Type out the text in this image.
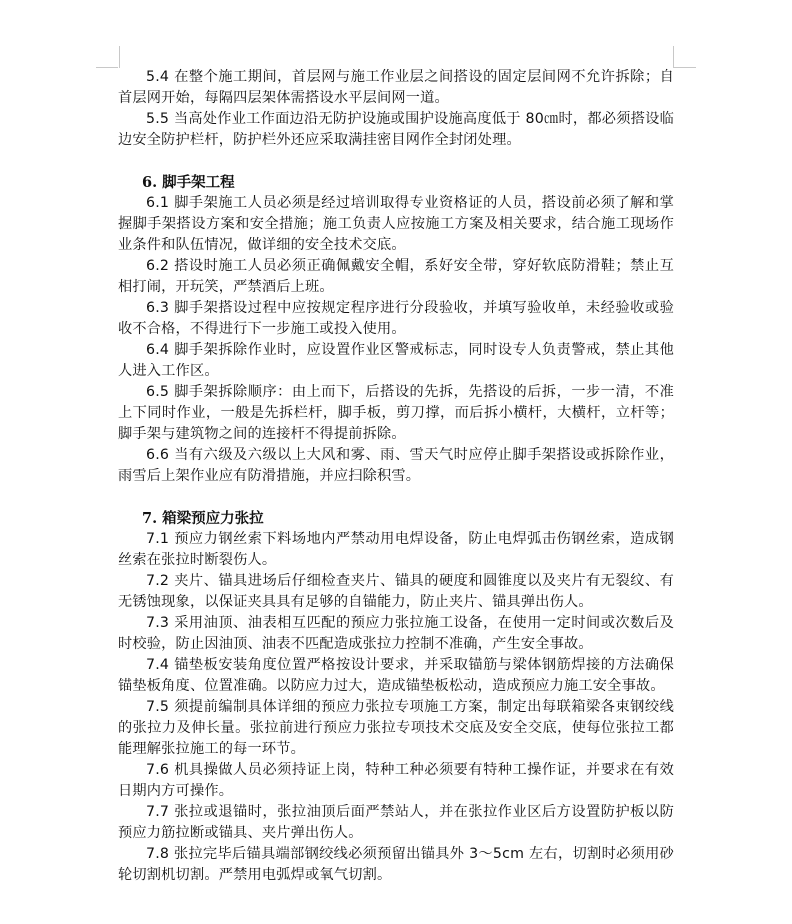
5.4 在整个施工期间，首层网与施工作业层之间搭设的固定层间网不允许拆除；自首层网开始，每隔四层架体需搭设水平层间网一道。

5.5 当高处作业工作面边沿无防护设施或围护设施高度低于 80㎝时，都必须搭设临边安全防护栏杆，防护栏外还应采取满挂密目网作全封闭处理。

6. 脚手架工程

6.1 脚手架施工人员必须是经过培训取得专业资格证的人员，搭设前必须了解和掌握脚手架搭设方案和安全措施；施工负责人应按施工方案及相关要求，结合施工现场作业条件和队伍情况，做详细的安全技术交底。

6.2 搭设时施工人员必须正确佩戴安全帽，系好安全带，穿好软底防滑鞋；禁止互相打闹，开玩笑，严禁酒后上班。

6.3 脚手架搭设过程中应按规定程序进行分段验收，并填写验收单，未经验收或验收不合格，不得进行下一步施工或投入使用。

6.4 脚手架拆除作业时，应设置作业区警戒标志，同时设专人负责警戒，禁止其他人进入工作区。

6.5 脚手架拆除顺序：由上而下，后搭设的先拆，先搭设的后拆，一步一清，不准上下同时作业，一般是先拆栏杆，脚手板，剪刀撑，而后拆小横杆，大横杆，立杆等；脚手架与建筑物之间的连接杆不得提前拆除。

6.6 当有六级及六级以上大风和雾、雨、雪天气时应停止脚手架搭设或拆除作业，雨雪后上架作业应有防滑措施，并应扫除积雪。

7. 箱梁预应力张拉

7.1 预应力钢丝索下料场地内严禁动用电焊设备，防止电焊弧击伤钢丝索，造成钢丝索在张拉时断裂伤人。

7.2 夹片、锚具进场后仔细检查夹片、锚具的硬度和圆锥度以及夹片有无裂纹、有无锈蚀现象，以保证夹具具有足够的自锚能力，防止夹片、锚具弹出伤人。

7.3 采用油顶、油表相互匹配的预应力张拉施工设备，在使用一定时间或次数后及时校验，防止因油顶、油表不匹配造成张拉力控制不准确，产生安全事故。

7.4 锚垫板安装角度位置严格按设计要求，并采取锚筋与梁体钢筋焊接的方法确保锚垫板角度、位置准确。以防应力过大，造成锚垫板松动，造成预应力施工安全事故。

7.5 须提前编制具体详细的预应力张拉专项施工方案，制定出每联箱梁各束钢绞线的张拉力及伸长量。张拉前进行预应力张拉专项技术交底及安全交底，使每位张拉工都能理解张拉施工的每一环节。

7.6 机具操做人员必须持证上岗，特种工种必须要有特种工操作证，并要求在有效日期内方可操作。

7.7 张拉或退锚时，张拉油顶后面严禁站人，并在张拉作业区后方设置防护板以防预应力筋拉断或锚具、夹片弹出伤人。

7.8 张拉完毕后锚具端部钢绞线必须预留出锚具外 3～5cm 左右，切割时必须用砂轮切割机切割。严禁用电弧焊或氧气切割。
